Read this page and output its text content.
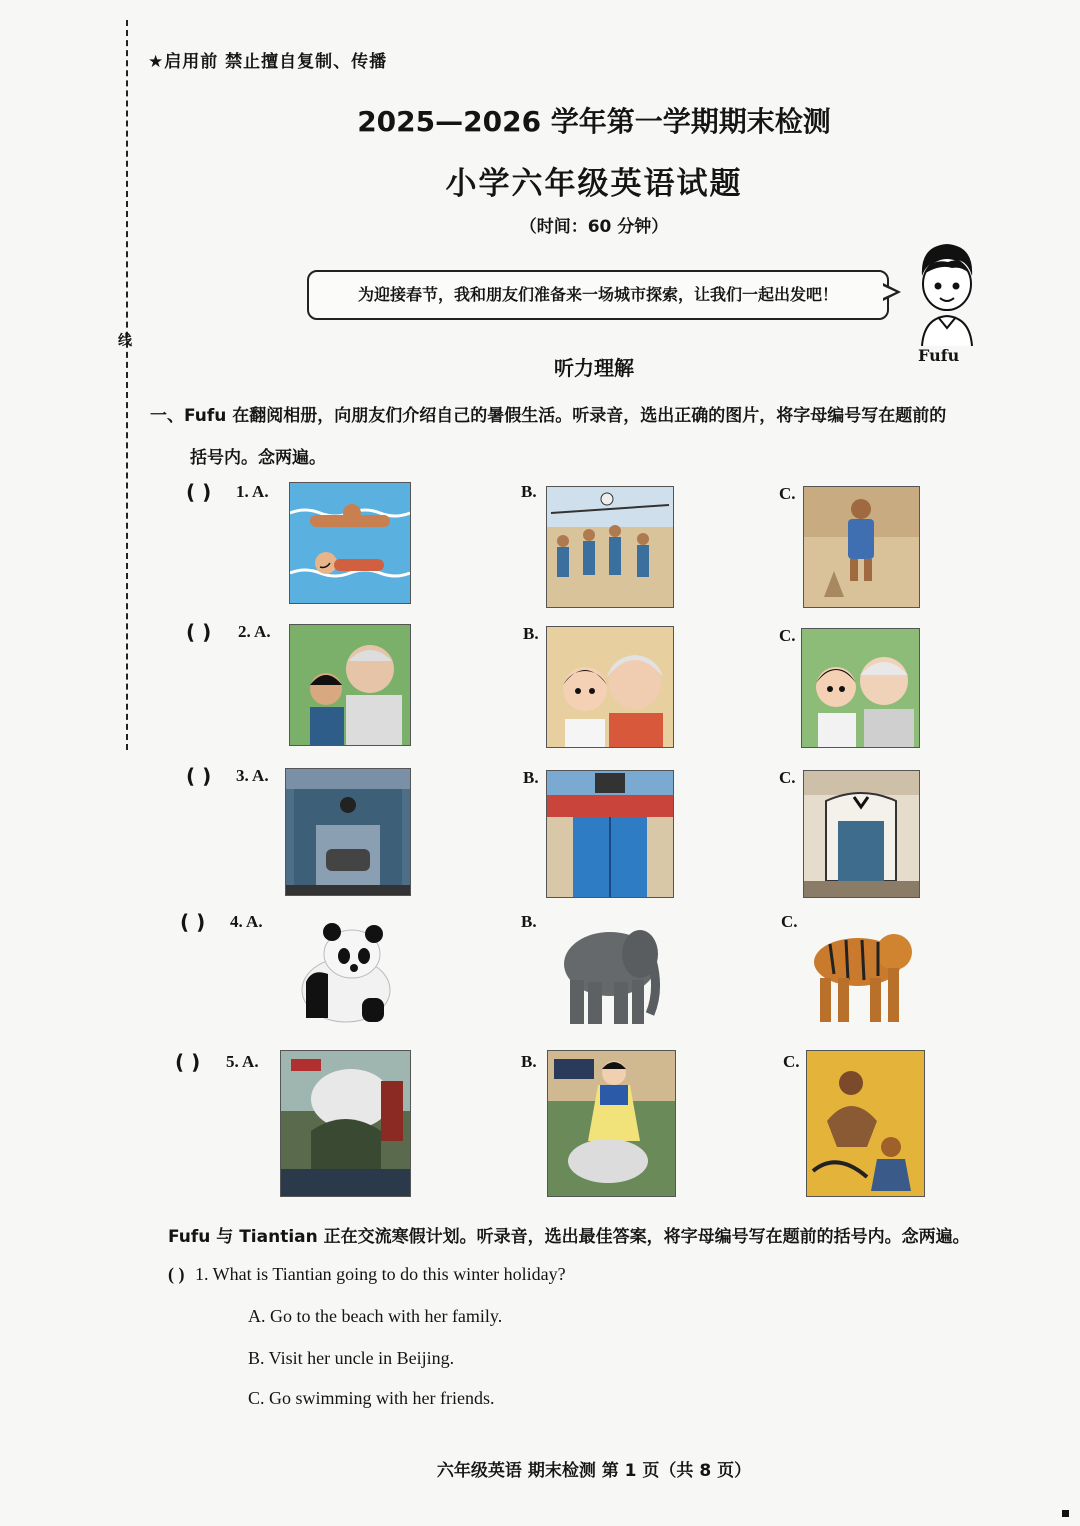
线
★启用前 禁止擅自复制、传播
2025—2026 学年第一学期期末检测
小学六年级英语试题
（时间：60 分钟）
为迎接春节，我和朋友们准备来一场城市探索，让我们一起出发吧！
Fufu
听力理解
一、Fufu 在翻阅相册，向朋友们介绍自己的暑假生活。听录音，选出正确的图片，将字母编号写在题前的
括号内。念两遍。
( ) 1. A.	B.	C.
( ) 2. A.	B.	C.
( ) 3. A.	B.	C.
( ) 4. A.	B.	C.
( ) 5. A.	B.	C.
Fufu 与 Tiantian 正在交流寒假计划。听录音，选出最佳答案，将字母编号写在题前的括号内。念两遍。
( ) 1. What is Tiantian going to do this winter holiday?
A. Go to the beach with her family.
B. Visit her uncle in Beijing.
C. Go swimming with her friends.
六年级英语 期末检测 第 1 页（共 8 页）
